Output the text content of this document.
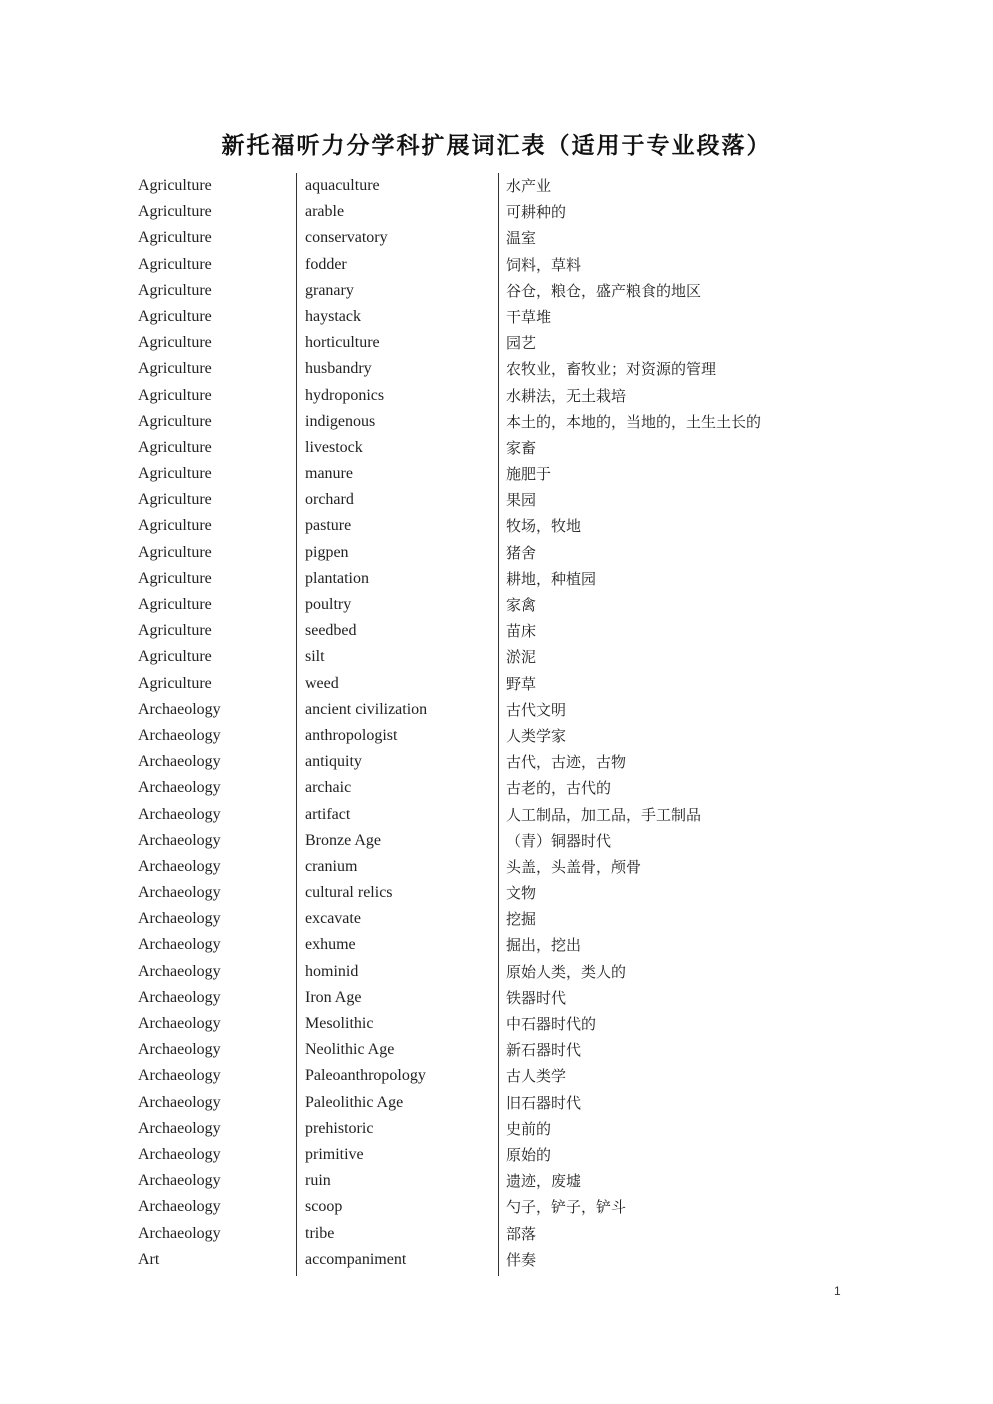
新托福听力分学科扩展词汇表（适用于专业段落）
Agriculture	aquaculture	水产业
Agriculture	arable	可耕种的
Agriculture	conservatory	温室
Agriculture	fodder	饲料，草料
Agriculture	granary	谷仓，粮仓，盛产粮食的地区
Agriculture	haystack	干草堆
Agriculture	horticulture	园艺
Agriculture	husbandry	农牧业，畜牧业；对资源的管理
Agriculture	hydroponics	水耕法，无土栽培
Agriculture	indigenous	本土的，本地的，当地的，土生土长的
Agriculture	livestock	家畜
Agriculture	manure	施肥于
Agriculture	orchard	果园
Agriculture	pasture	牧场，牧地
Agriculture	pigpen	猪舍
Agriculture	plantation	耕地，种植园
Agriculture	poultry	家禽
Agriculture	seedbed	苗床
Agriculture	silt	淤泥
Agriculture	weed	野草
Archaeology	ancient civilization	古代文明
Archaeology	anthropologist	人类学家
Archaeology	antiquity	古代，古迹，古物
Archaeology	archaic	古老的，古代的
Archaeology	artifact	人工制品，加工品，手工制品
Archaeology	Bronze Age	（青）铜器时代
Archaeology	cranium	头盖，头盖骨，颅骨
Archaeology	cultural relics	文物
Archaeology	excavate	挖掘
Archaeology	exhume	掘出，挖出
Archaeology	hominid	原始人类，类人的
Archaeology	Iron Age	铁器时代
Archaeology	Mesolithic	中石器时代的
Archaeology	Neolithic Age	新石器时代
Archaeology	Paleoanthropology	古人类学
Archaeology	Paleolithic Age	旧石器时代
Archaeology	prehistoric	史前的
Archaeology	primitive	原始的
Archaeology	ruin	遗迹，废墟
Archaeology	scoop	勺子，铲子，铲斗
Archaeology	tribe	部落
Art	accompaniment	伴奏
1
